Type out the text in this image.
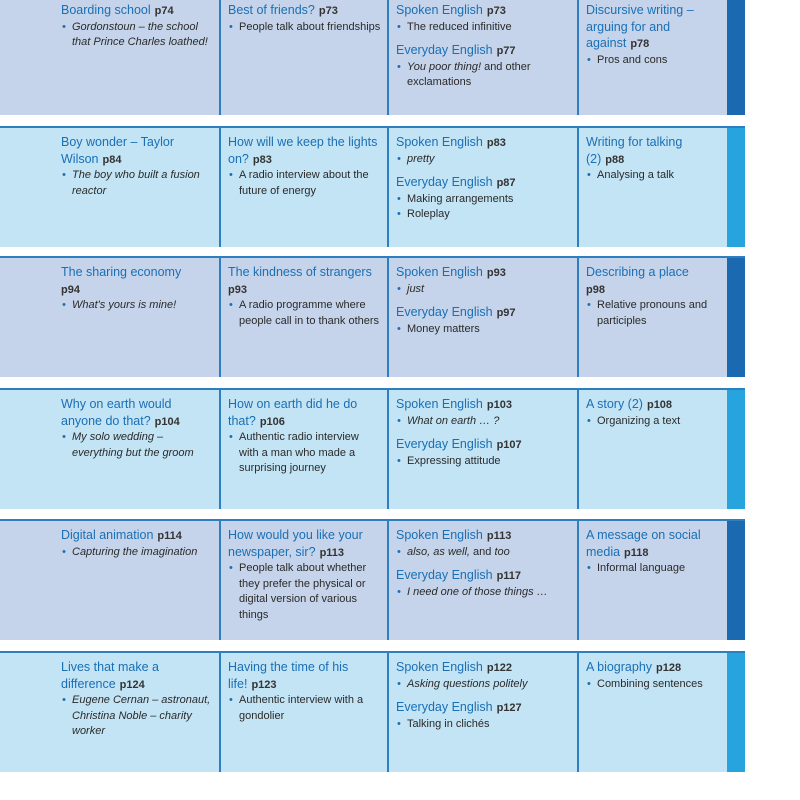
Boarding school p74
• Gordonstoun – the school that Prince Charles loathed!
Best of friends? p73
• People talk about friendships
Spoken English p73
• The reduced infinitive
Everyday English p77
• You poor thing! and other exclamations
Discursive writing – arguing for and against p78
• Pros and cons
Boy wonder – Taylor Wilson p84
• The boy who built a fusion reactor
How will we keep the lights on? p83
• A radio interview about the future of energy
Spoken English p83
• pretty
Everyday English p87
• Making arrangements
• Roleplay
Writing for talking (2) p88
• Analysing a talk
The sharing economy
p94
• What's yours is mine!
The kindness of strangers
p93
• A radio programme where people call in to thank others
Spoken English p93
• just
Everyday English p97
• Money matters
Describing a place
p98
• Relative pronouns and participles
Why on earth would anyone do that? p104
• My solo wedding – everything but the groom
How on earth did he do that? p106
• Authentic radio interview with a man who made a surprising journey
Spoken English p103
• What on earth … ?
Everyday English p107
• Expressing attitude
A story (2) p108
• Organizing a text
Digital animation p114
• Capturing the imagination
How would you like your newspaper, sir? p113
• People talk about whether they prefer the physical or digital version of various things
Spoken English p113
• also, as well, and too
Everyday English p117
• I need one of those things …
A message on social media p118
• Informal language
Lives that make a difference p124
• Eugene Cernan – astronaut, Christina Noble – charity worker
Having the time of his life! p123
• Authentic interview with a gondolier
Spoken English p122
• Asking questions politely
Everyday English p127
• Talking in clichés
A biography p128
• Combining sentences
